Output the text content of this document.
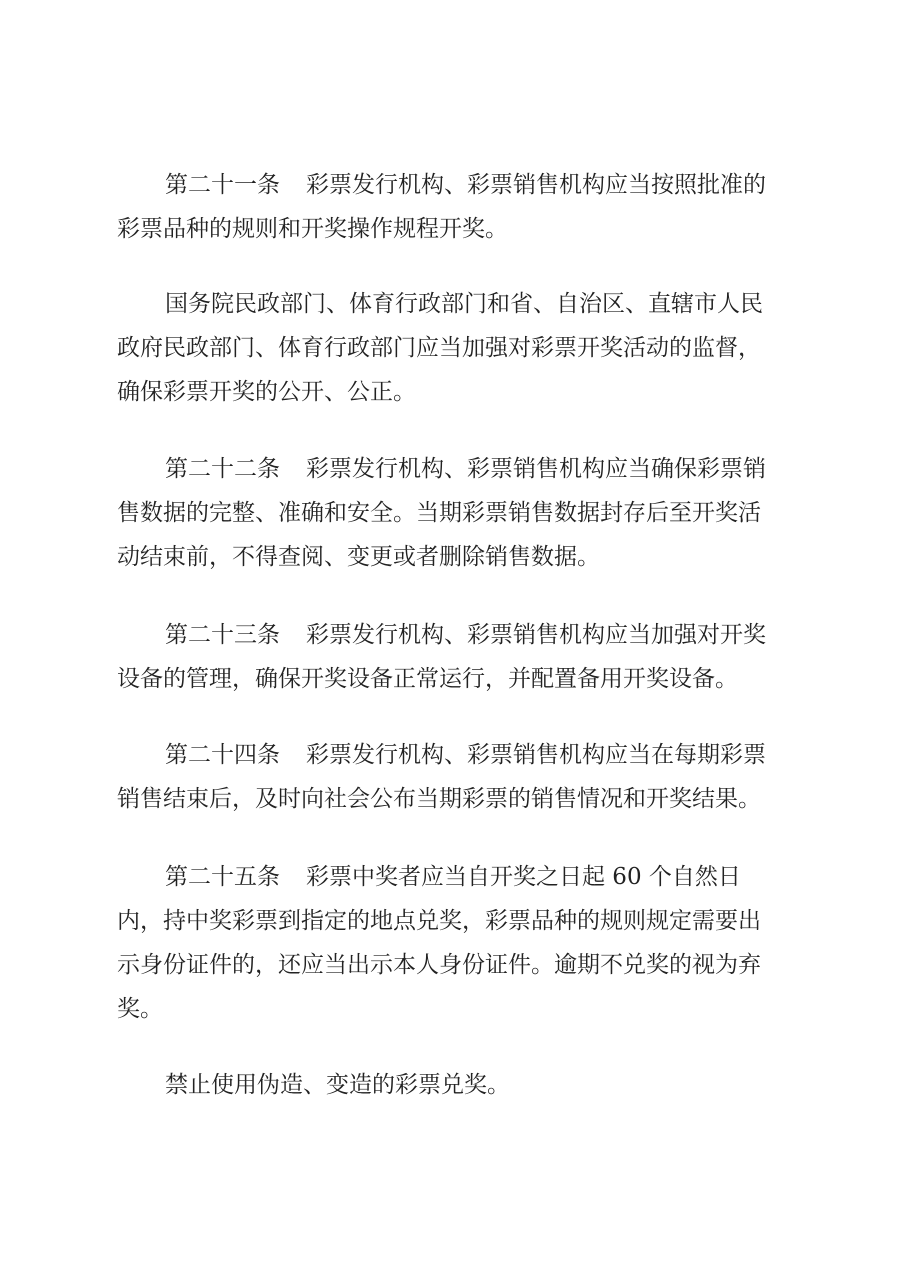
第二十一条 彩票发行机构、彩票销售机构应当按照批准的
彩票品种的规则和开奖操作规程开奖。
国务院民政部门、体育行政部门和省、自治区、直辖市人民
政府民政部门、体育行政部门应当加强对彩票开奖活动的监督，
确保彩票开奖的公开、公正。
第二十二条 彩票发行机构、彩票销售机构应当确保彩票销
售数据的完整、准确和安全。当期彩票销售数据封存后至开奖活
动结束前，不得查阅、变更或者删除销售数据。
第二十三条 彩票发行机构、彩票销售机构应当加强对开奖
设备的管理，确保开奖设备正常运行，并配置备用开奖设备。
第二十四条 彩票发行机构、彩票销售机构应当在每期彩票
销售结束后，及时向社会公布当期彩票的销售情况和开奖结果。
第二十五条 彩票中奖者应当自开奖之日起 60 个自然日
内，持中奖彩票到指定的地点兑奖，彩票品种的规则规定需要出
示身份证件的，还应当出示本人身份证件。逾期不兑奖的视为弃
奖。
禁止使用伪造、变造的彩票兑奖。
